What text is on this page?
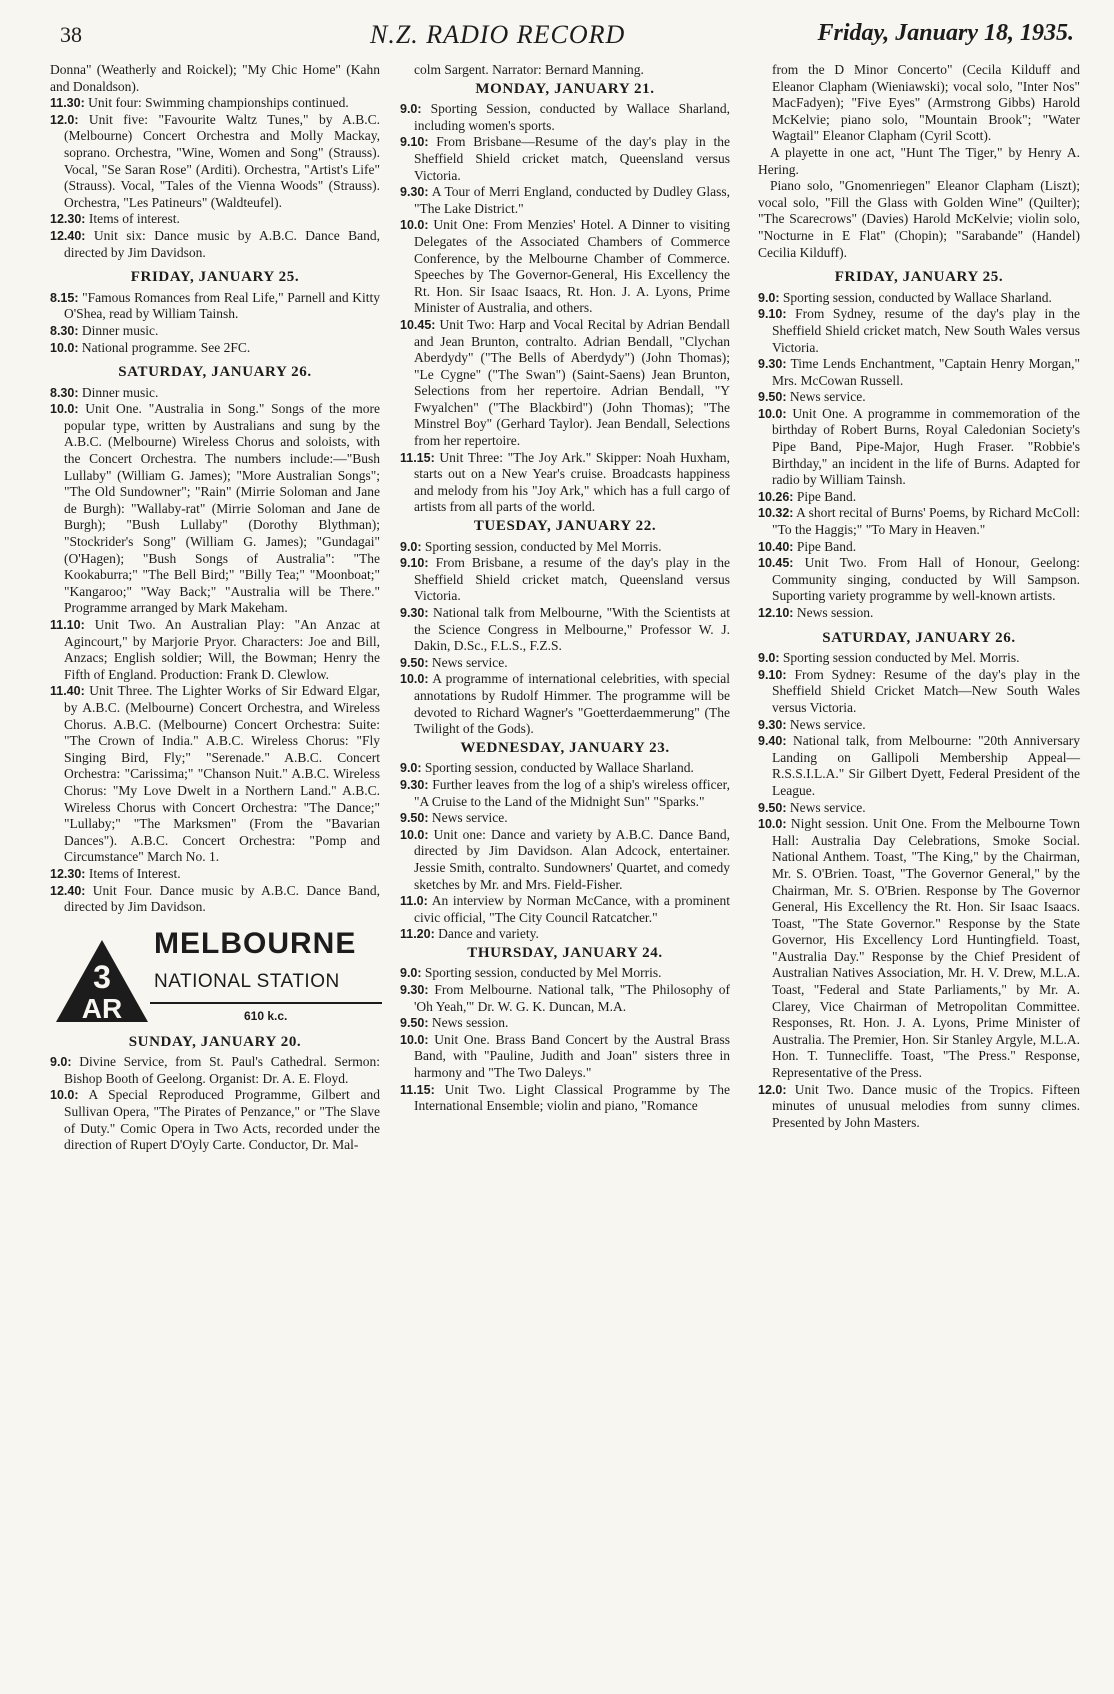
38	N.Z. RADIO RECORD	Friday, January 18, 1935.

Donna" (Weatherly and Roickel); "My Chic Home" (Kahn and Donaldson).

11.30: Unit four: Swimming championships continued.

12.0: Unit five: "Favourite Waltz Tunes," by A.B.C. (Melbourne) Concert Orchestra and Molly Mackay, soprano. Orchestra, "Wine, Women and Song" (Strauss). Vocal, "Se Saran Rose" (Arditi). Orchestra, "Artist's Life" (Strauss). Vocal, "Tales of the Vienna Woods" (Strauss). Orchestra, "Les Patineurs" (Waldteufel).

12.30: Items of interest.

12.40: Unit six: Dance music by A.B.C. Dance Band, directed by Jim Davidson.

FRIDAY, JANUARY 25.

8.15: "Famous Romances from Real Life," Parnell and Kitty O'Shea, read by William Tainsh.

8.30: Dinner music.

10.0: National programme. See 2FC.

SATURDAY, JANUARY 26.

8.30: Dinner music.

10.0: Unit One. "Australia in Song." Songs of the more popular type, written by Australians and sung by the A.B.C. (Melbourne) Wireless Chorus and soloists, with the Concert Orchestra. The numbers include:—"Bush Lullaby" (William G. James); "More Australian Songs"; "The Old Sundowner"; "Rain" (Mirrie Soloman and Jane de Burgh): "Wallaby-rat" (Mirrie Soloman and Jane de Burgh); "Bush Lullaby" (Dorothy Blythman); "Stockrider's Song" (William G. James); "Gundagai" (O'Hagen); "Bush Songs of Australia": "The Kookaburra;" "The Bell Bird;" "Billy Tea;" "Moonboat;" "Kangaroo;" "Way Back;" "Australia will be There." Programme arranged by Mark Makeham.

11.10: Unit Two. An Australian Play: "An Anzac at Agincourt," by Marjorie Pryor. Characters: Joe and Bill, Anzacs; English soldier; Will, the Bowman; Henry the Fifth of England. Production: Frank D. Clewlow.

11.40: Unit Three. The Lighter Works of Sir Edward Elgar, by A.B.C. (Melbourne) Concert Orchestra, and Wireless Chorus. A.B.C. (Melbourne) Concert Orchestra: Suite: "The Crown of India." A.B.C. Wireless Chorus: "Fly Singing Bird, Fly;" "Serenade." A.B.C. Concert Orchestra: "Carissima;" "Chanson Nuit." A.B.C. Wireless Chorus: "My Love Dwelt in a Northern Land." A.B.C. Wireless Chorus with Concert Orchestra: "The Dance;" "Lullaby;" "The Marksmen" (From the "Bavarian Dances"). A.B.C. Concert Orchestra: "Pomp and Circumstance" March No. 1.

12.30: Items of Interest.

12.40: Unit Four. Dance music by A.B.C. Dance Band, directed by Jim Davidson.

3
AR
MELBOURNE
NATIONAL STATION
610 k.c.
SUNDAY, JANUARY 20.

9.0: Divine Service, from St. Paul's Cathedral. Sermon: Bishop Booth of Geelong. Organist: Dr. A. E. Floyd.

10.0: A Special Reproduced Programme, Gilbert and Sullivan Opera, "The Pirates of Penzance," or "The Slave of Duty." Comic Opera in Two Acts, recorded under the direction of Rupert D'Oyly Carte. Conductor, Dr. Mal-

colm Sargent. Narrator: Bernard Manning.

MONDAY, JANUARY 21.

9.0: Sporting Session, conducted by Wallace Sharland, including women's sports.

9.10: From Brisbane—Resume of the day's play in the Sheffield Shield cricket match, Queensland versus Victoria.

9.30: A Tour of Merri England, conducted by Dudley Glass, "The Lake District."

10.0: Unit One: From Menzies' Hotel. A Dinner to visiting Delegates of the Associated Chambers of Commerce Conference, by the Melbourne Chamber of Commerce. Speeches by The Governor-General, His Excellency the Rt. Hon. Sir Isaac Isaacs, Rt. Hon. J. A. Lyons, Prime Minister of Australia, and others.

10.45: Unit Two: Harp and Vocal Recital by Adrian Bendall and Jean Brunton, contralto. Adrian Bendall, "Clychan Aberdydy" ("The Bells of Aberdydy") (John Thomas); "Le Cygne" ("The Swan") (Saint-Saens) Jean Brunton, Selections from her repertoire. Adrian Bendall, "Y Fwyalchen" ("The Blackbird") (John Thomas); "The Minstrel Boy" (Gerhard Taylor). Jean Bendall, Selections from her repertoire.

11.15: Unit Three: "The Joy Ark." Skipper: Noah Huxham, starts out on a New Year's cruise. Broadcasts happiness and melody from his "Joy Ark," which has a full cargo of artists from all parts of the world.

TUESDAY, JANUARY 22.

9.0: Sporting session, conducted by Mel Morris.

9.10: From Brisbane, a resume of the day's play in the Sheffield Shield cricket match, Queensland versus Victoria.

9.30: National talk from Melbourne, "With the Scientists at the Science Congress in Melbourne," Professor W. J. Dakin, D.Sc., F.L.S., F.Z.S.

9.50: News service.

10.0: A programme of international celebrities, with special annotations by Rudolf Himmer. The programme will be devoted to Richard Wagner's "Goetterdaemmerung" (The Twilight of the Gods).

WEDNESDAY, JANUARY 23.

9.0: Sporting session, conducted by Wallace Sharland.

9.30: Further leaves from the log of a ship's wireless officer, "A Cruise to the Land of the Midnight Sun" "Sparks."

9.50: News service.

10.0: Unit one: Dance and variety by A.B.C. Dance Band, directed by Jim Davidson. Alan Adcock, entertainer. Jessie Smith, contralto. Sundowners' Quartet, and comedy sketches by Mr. and Mrs. Field-Fisher.

11.0: An interview by Norman McCance, with a prominent civic official, "The City Council Ratcatcher."

11.20: Dance and variety.

THURSDAY, JANUARY 24.

9.0: Sporting session, conducted by Mel Morris.

9.30: From Melbourne. National talk, "The Philosophy of 'Oh Yeah,'" Dr. W. G. K. Duncan, M.A.

9.50: News session.

10.0: Unit One. Brass Band Concert by the Austral Brass Band, with "Pauline, Judith and Joan" sisters three in harmony and "The Two Daleys."

11.15: Unit Two. Light Classical Programme by The International Ensemble; violin and piano, "Romance

from the D Minor Concerto" (Cecila Kilduff and Eleanor Clapham (Wieniawski); vocal solo, "Inter Nos" MacFadyen); "Five Eyes" (Armstrong Gibbs) Harold McKelvie; piano solo, "Mountain Brook"; "Water Wagtail" Eleanor Clapham (Cyril Scott).

A playette in one act, "Hunt The Tiger," by Henry A. Hering.

Piano solo, "Gnomenriegen" Eleanor Clapham (Liszt); vocal solo, "Fill the Glass with Golden Wine" (Quilter); "The Scarecrows" (Davies) Harold McKelvie; violin solo, "Nocturne in E Flat" (Chopin); "Sarabande" (Handel) Cecilia Kilduff).

FRIDAY, JANUARY 25.

9.0: Sporting session, conducted by Wallace Sharland.

9.10: From Sydney, resume of the day's play in the Sheffield Shield cricket match, New South Wales versus Victoria.

9.30: Time Lends Enchantment, "Captain Henry Morgan," Mrs. McCowan Russell.

9.50: News service.

10.0: Unit One. A programme in commemoration of the birthday of Robert Burns, Royal Caledonian Society's Pipe Band, Pipe-Major, Hugh Fraser. "Robbie's Birthday," an incident in the life of Burns. Adapted for radio by William Tainsh.

10.26: Pipe Band.

10.32: A short recital of Burns' Poems, by Richard McColl: "To the Haggis;" "To Mary in Heaven."

10.40: Pipe Band.

10.45: Unit Two. From Hall of Honour, Geelong: Community singing, conducted by Will Sampson. Suporting variety programme by well-known artists.

12.10: News session.

SATURDAY, JANUARY 26.

9.0: Sporting session conducted by Mel. Morris.

9.10: From Sydney: Resume of the day's play in the Sheffield Shield Cricket Match—New South Wales versus Victoria.

9.30: News service.

9.40: National talk, from Melbourne: "20th Anniversary Landing on Gallipoli Membership Appeal—R.S.S.I.L.A." Sir Gilbert Dyett, Federal President of the League.

9.50: News service.

10.0: Night session. Unit One. From the Melbourne Town Hall: Australia Day Celebrations, Smoke Social. National Anthem. Toast, "The King," by the Chairman, Mr. S. O'Brien. Toast, "The Governor General," by the Chairman, Mr. S. O'Brien. Response by The Governor General, His Excellency the Rt. Hon. Sir Isaac Isaacs. Toast, "The State Governor." Response by the State Governor, His Excellency Lord Huntingfield. Toast, "Australia Day." Response by the Chief President of Australian Natives Association, Mr. H. V. Drew, M.L.A. Toast, "Federal and State Parliaments," by Mr. A. Clarey, Vice Chairman of Metropolitan Committee. Responses, Rt. Hon. J. A. Lyons, Prime Minister of Australia. The Premier, Hon. Sir Stanley Argyle, M.L.A. Hon. T. Tunnecliffe. Toast, "The Press." Response, Representative of the Press.

12.0: Unit Two. Dance music of the Tropics. Fifteen minutes of unusual melodies from sunny climes. Presented by John Masters.
